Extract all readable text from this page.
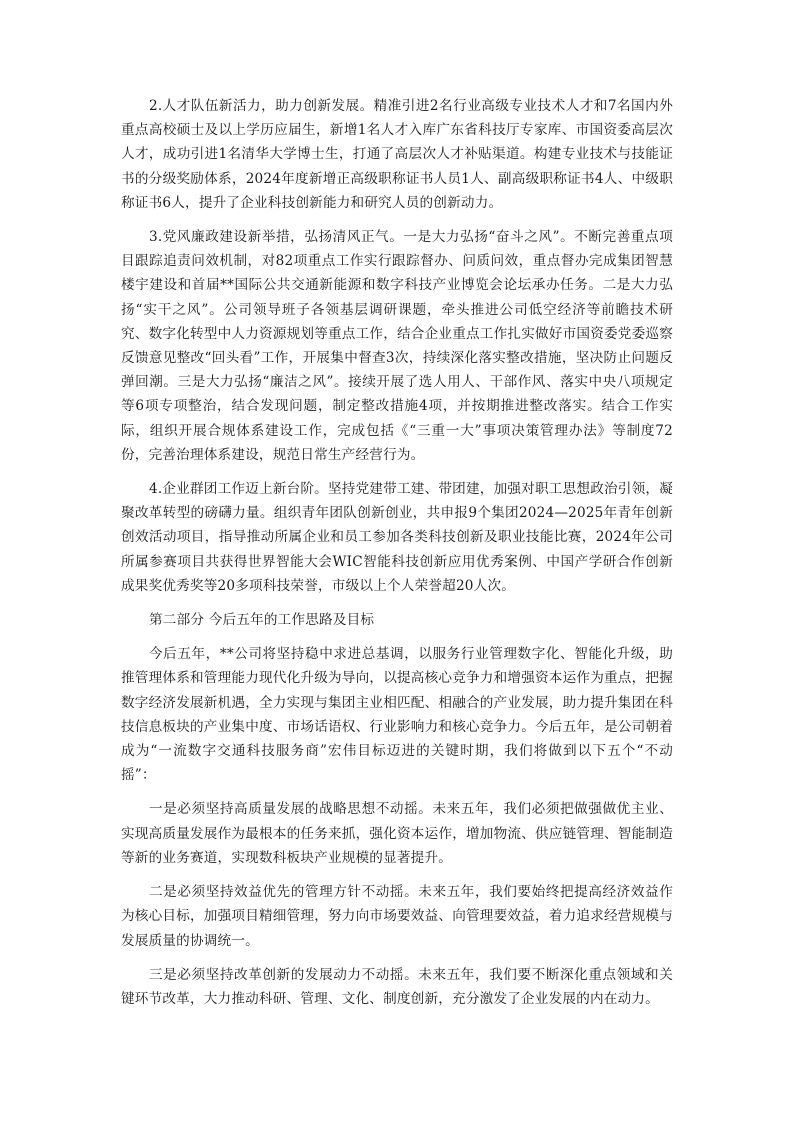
2.人才队伍新活力，助力创新发展。精准引进2名行业高级专业技术人才和7名国内外重点高校硕士及以上学历应届生，新增1名人才入库广东省科技厅专家库、市国资委高层次人才，成功引进1名清华大学博士生，打通了高层次人才补贴渠道。构建专业技术与技能证书的分级奖励体系，2024年度新增正高级职称证书人员1人、副高级职称证书4人、中级职称证书6人，提升了企业科技创新能力和研究人员的创新动力。

3.党风廉政建设新举措，弘扬清风正气。一是大力弘扬“奋斗之风”。不断完善重点项目跟踪追责问效机制，对82项重点工作实行跟踪督办、问质问效，重点督办完成集团智慧楼宇建设和首届**国际公共交通新能源和数字科技产业博览会论坛承办任务。二是大力弘扬“实干之风”。公司领导班子各领基层调研课题，牵头推进公司低空经济等前瞻技术研究、数字化转型中人力资源规划等重点工作，结合企业重点工作扎实做好市国资委党委巡察反馈意见整改“回头看”工作，开展集中督查3次，持续深化落实整改措施，坚决防止问题反弹回潮。三是大力弘扬“廉洁之风”。接续开展了选人用人、干部作风、落实中央八项规定等6项专项整治，结合发现问题，制定整改措施4项，并按期推进整改落实。结合工作实际，组织开展合规体系建设工作，完成包括《“三重一大”事项决策管理办法》等制度72份，完善治理体系建设，规范日常生产经营行为。

4.企业群团工作迈上新台阶。坚持党建带工建、带团建，加强对职工思想政治引领，凝聚改革转型的磅礴力量。组织青年团队创新创业，共申报9个集团2024—2025年青年创新创效活动项目，指导推动所属企业和员工参加各类科技创新及职业技能比赛，2024年公司所属参赛项目共获得世界智能大会WIC智能科技创新应用优秀案例、中国产学研合作创新成果奖优秀奖等20多项科技荣誉，市级以上个人荣誉超20人次。

第二部分 今后五年的工作思路及目标

今后五年，**公司将坚持稳中求进总基调，以服务行业管理数字化、智能化升级，助推管理体系和管理能力现代化升级为导向，以提高核心竞争力和增强资本运作为重点，把握数字经济发展新机遇，全力实现与集团主业相匹配、相融合的产业发展，助力提升集团在科技信息板块的产业集中度、市场话语权、行业影响力和核心竞争力。今后五年，是公司朝着成为“一流数字交通科技服务商”宏伟目标迈进的关键时期，我们将做到以下五个“不动摇”：

一是必须坚持高质量发展的战略思想不动摇。未来五年，我们必须把做强做优主业、实现高质量发展作为最根本的任务来抓，强化资本运作，增加物流、供应链管理、智能制造等新的业务赛道，实现数科板块产业规模的显著提升。

二是必须坚持效益优先的管理方针不动摇。未来五年，我们要始终把提高经济效益作为核心目标，加强项目精细管理，努力向市场要效益、向管理要效益，着力追求经营规模与发展质量的协调统一。

三是必须坚持改革创新的发展动力不动摇。未来五年，我们要不断深化重点领域和关键环节改革，大力推动科研、管理、文化、制度创新，充分激发了企业发展的内在动力。
